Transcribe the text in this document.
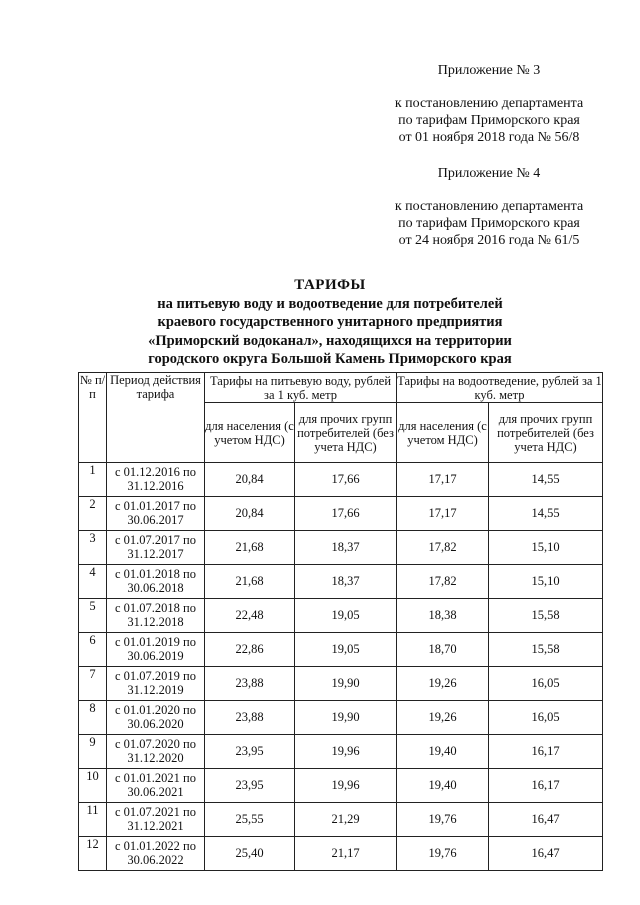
Приложение № 3
к постановлению департамента
по тарифам Приморского края
от 01 ноября 2018 года № 56/8
Приложение № 4
к постановлению департамента
по тарифам Приморского края
от 24 ноября 2016 года № 61/5
ТАРИФЫ
на питьевую воду и водоотведение для потребителей
краевого государственного унитарного предприятия
«Приморский водоканал», находящихся на территории
городского округа Большой Камень Приморского края
№ п/п	Период действия тарифа	Тарифы на питьевую воду, рублей за 1 куб. метр		Тарифы на водоотведение, рублей за 1 куб. метр	
		для населения (с учетом НДС)	для прочих групп потребителей (без учета НДС)	для населения (с учетом НДС)	для прочих групп потребителей (без учета НДС)
1	с 01.12.2016 по 31.12.2016	20,84	17,66	17,17	14,55
2	с 01.01.2017 по 30.06.2017	20,84	17,66	17,17	14,55
3	с 01.07.2017 по 31.12.2017	21,68	18,37	17,82	15,10
4	с 01.01.2018 по 30.06.2018	21,68	18,37	17,82	15,10
5	с 01.07.2018 по 31.12.2018	22,48	19,05	18,38	15,58
6	с 01.01.2019 по 30.06.2019	22,86	19,05	18,70	15,58
7	с 01.07.2019 по 31.12.2019	23,88	19,90	19,26	16,05
8	с 01.01.2020 по 30.06.2020	23,88	19,90	19,26	16,05
9	с 01.07.2020 по 31.12.2020	23,95	19,96	19,40	16,17
10	с 01.01.2021 по 30.06.2021	23,95	19,96	19,40	16,17
11	с 01.07.2021 по 31.12.2021	25,55	21,29	19,76	16,47
12	с 01.01.2022 по 30.06.2022	25,40	21,17	19,76	16,47
